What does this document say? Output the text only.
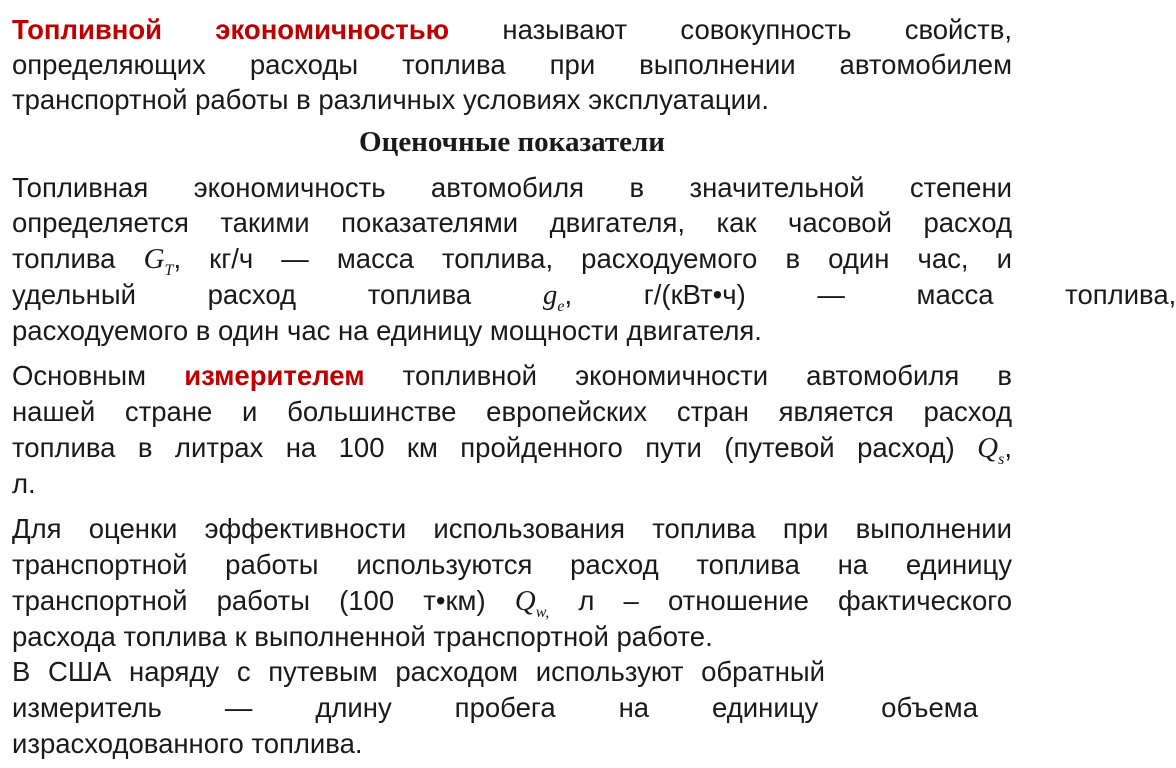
Топливной экономичностью называют совокупность свойств,
определяющих расходы топлива при выполнении автомобилем
транспортной работы в различных условиях эксплуатации.
Оценочные показатели
Топливная экономичность автомобиля в значительной степени
определяется такими показателями двигателя, как часовой расход
топлива $G_T$, кг/ч — масса топлива, расходуемого в один час, и
удельный расход топлива $g_e$, г/(кВт•ч) — масса топлива,
расходуемого в один час на единицу мощности двигателя.
Основным измерителем топливной экономичности автомобиля в
нашей стране и большинстве европейских стран является расход
топлива в литрах на 100 км пройденного пути (путевой расход) $Q_s$,
л.
Для оценки эффективности использования топлива при выполнении
транспортной работы используются расход топлива на единицу
транспортной работы (100 т•км) $Q_{w,}$ л – отношение фактического
расхода топлива к выполненной транспортной работе.
В США наряду с путевым расходом используют обратный
измеритель — длину пробега на единицу объема
израсходованного топлива.
